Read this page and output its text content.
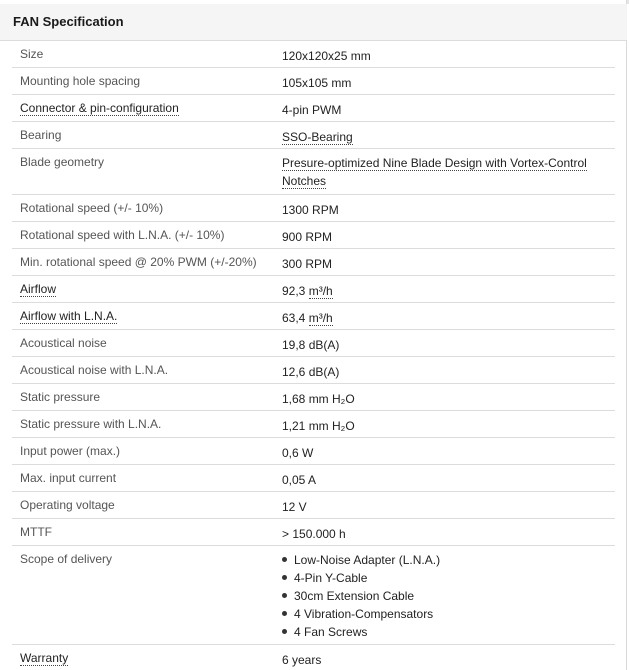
FAN Specification
Size	120x120x25 mm
Mounting hole spacing	105x105 mm
Connector & pin-configuration	4-pin PWM
Bearing	SSO-Bearing
Blade geometry	Presure-optimized Nine Blade Design with Vortex-Control Notches
Rotational speed (+/- 10%)	1300 RPM
Rotational speed with L.N.A. (+/- 10%)	900 RPM
Min. rotational speed @ 20% PWM (+/-20%) 300 RPM
Airflow	92,3 m³/h
Airflow with L.N.A.	63,4 m³/h
Acoustical noise	19,8 dB(A)
Acoustical noise with L.N.A.	12,6 dB(A)
Static pressure	1,68 mm H₂O
Static pressure with L.N.A.	1,21 mm H₂O
Input power (max.)	0,6 W
Max. input current	0,05 A
Operating voltage	12 V
MTTF	> 150.000 h
Scope of delivery	Low-Noise Adapter (L.N.A.)
4-Pin Y-Cable
30cm Extension Cable
4 Vibration-Compensators
4 Fan Screws
Warranty	6 years
